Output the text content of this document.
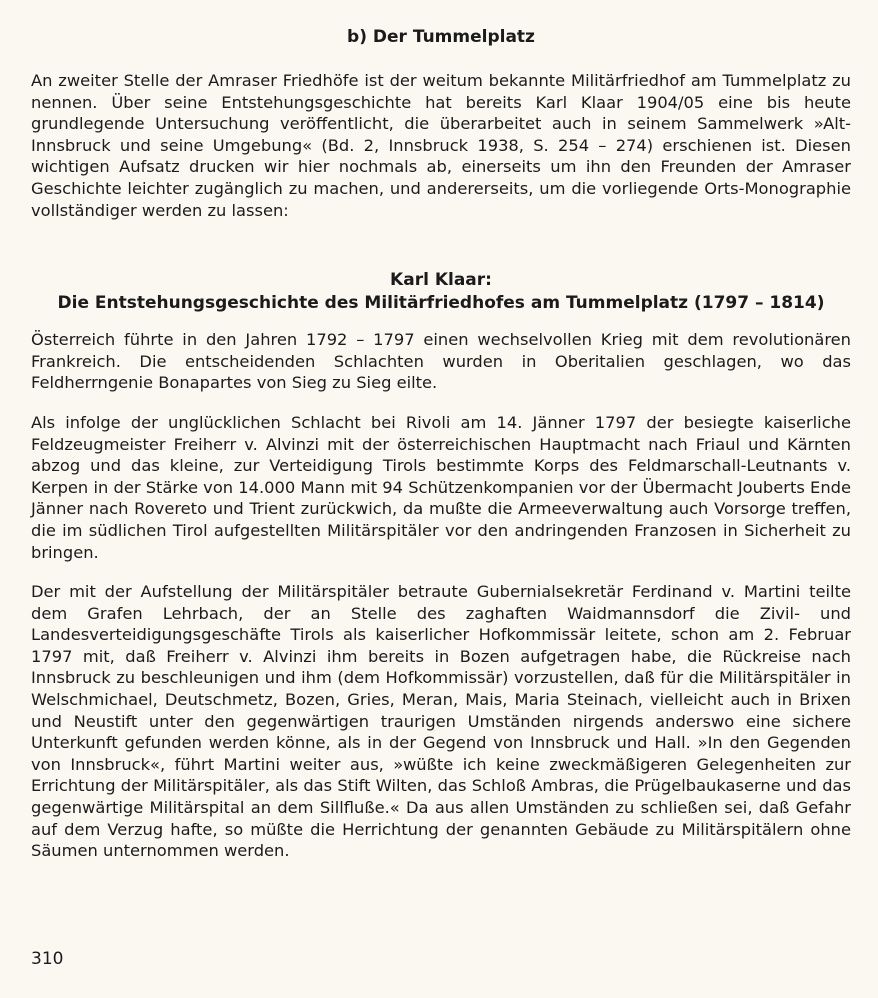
b) Der Tummelplatz

An zweiter Stelle der Amraser Friedhöfe ist der weitum bekannte Militärfriedhof am Tummelplatz zu nennen. Über seine Entstehungsgeschichte hat bereits Karl Klaar 1904/05 eine bis heute grundlegende Untersuchung veröffentlicht, die überarbeitet auch in seinem Sammelwerk »Alt-Innsbruck und seine Umgebung« (Bd. 2, Innsbruck 1938, S. 254 – 274) erschienen ist. Diesen wichtigen Aufsatz drucken wir hier nochmals ab, einerseits um ihn den Freunden der Amraser Geschichte leichter zugänglich zu machen, und andererseits, um die vorliegende Orts-Monographie vollständiger werden zu lassen:

Karl Klaar:
Die Entstehungsgeschichte des Militärfriedhofes am Tummelplatz (1797 – 1814)

Österreich führte in den Jahren 1792 – 1797 einen wechselvollen Krieg mit dem revolutionären Frankreich. Die entscheidenden Schlachten wurden in Oberitalien geschlagen, wo das Feldherrngenie Bonapartes von Sieg zu Sieg eilte.

Als infolge der unglücklichen Schlacht bei Rivoli am 14. Jänner 1797 der besiegte kaiserliche Feldzeugmeister Freiherr v. Alvinzi mit der österreichischen Hauptmacht nach Friaul und Kärnten abzog und das kleine, zur Verteidigung Tirols bestimmte Korps des Feldmarschall-Leutnants v. Kerpen in der Stärke von 14.000 Mann mit 94 Schützenkompanien vor der Übermacht Jouberts Ende Jänner nach Rovereto und Trient zurückwich, da mußte die Armeeverwaltung auch Vorsorge treffen, die im südlichen Tirol aufgestellten Militärspitäler vor den andringenden Franzosen in Sicherheit zu bringen.

Der mit der Aufstellung der Militärspitäler betraute Gubernialsekretär Ferdinand v. Martini teilte dem Grafen Lehrbach, der an Stelle des zaghaften Waidmannsdorf die Zivil- und Landesverteidigungsgeschäfte Tirols als kaiserlicher Hofkommissär leitete, schon am 2. Februar 1797 mit, daß Freiherr v. Alvinzi ihm bereits in Bozen aufgetragen habe, die Rückreise nach Innsbruck zu beschleunigen und ihm (dem Hofkommissär) vorzustellen, daß für die Militärspitäler in Welschmichael, Deutschmetz, Bozen, Gries, Meran, Mais, Maria Steinach, vielleicht auch in Brixen und Neustift unter den gegenwärtigen traurigen Umständen nirgends anderswo eine sichere Unterkunft gefunden werden könne, als in der Gegend von Innsbruck und Hall. »In den Gegenden von Innsbruck«, führt Martini weiter aus, »wüßte ich keine zweckmäßigeren Gelegenheiten zur Errichtung der Militärspitäler, als das Stift Wilten, das Schloß Ambras, die Prügelbaukaserne und das gegenwärtige Militärspital an dem Sillfluße.« Da aus allen Umständen zu schließen sei, daß Gefahr auf dem Verzug hafte, so müßte die Herrichtung der genannten Gebäude zu Militärspitälern ohne Säumen unternommen werden.

310
